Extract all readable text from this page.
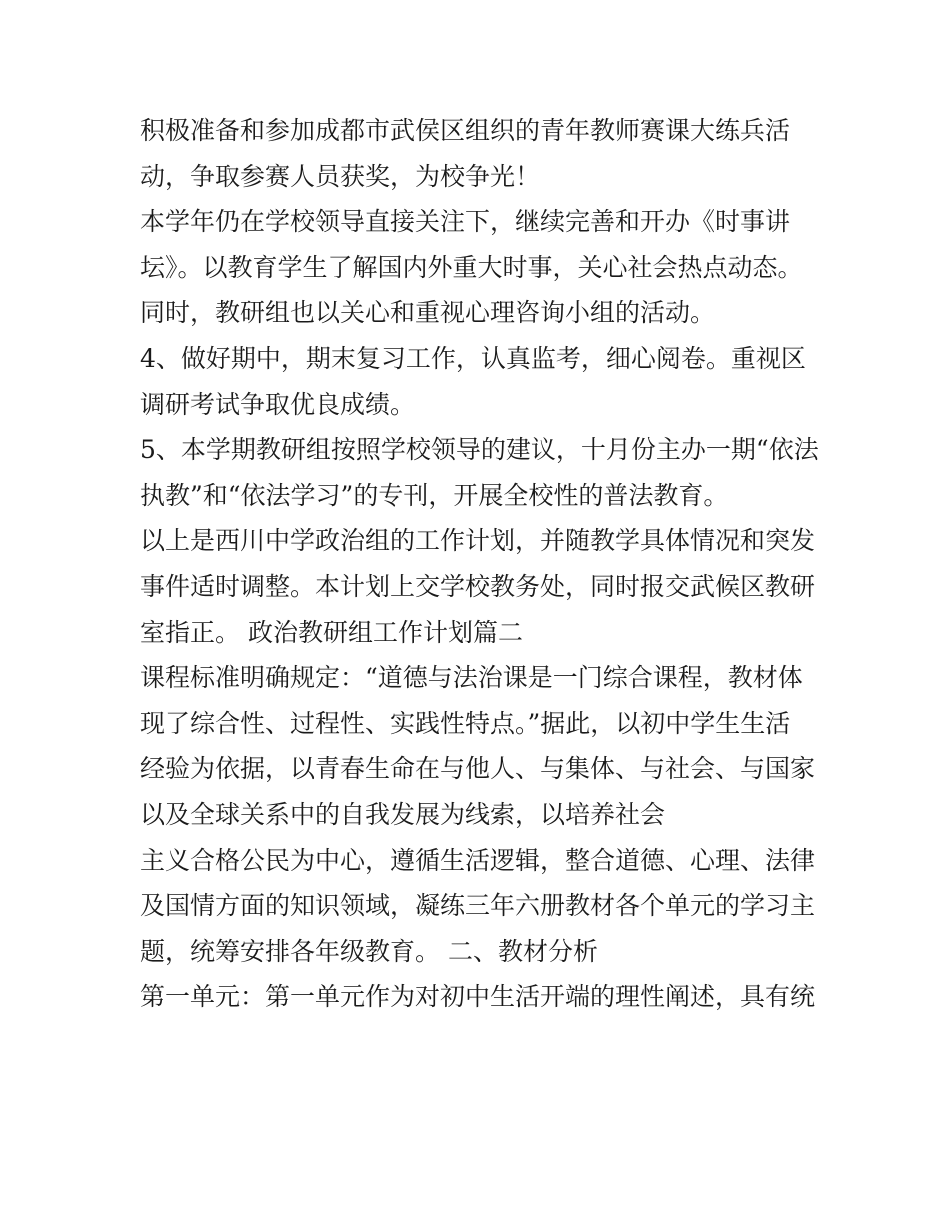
积极准备和参加成都市武侯区组织的青年教师赛课大练兵活
动，争取参赛人员获奖，为校争光！
本学年仍在学校领导直接关注下，继续完善和开办《时事讲
坛》。以教育学生了解国内外重大时事，关心社会热点动态。
同时，教研组也以关心和重视心理咨询小组的活动。
4、做好期中，期末复习工作，认真监考，细心阅卷。重视区
调研考试争取优良成绩。
5、本学期教研组按照学校领导的建议，十月份主办一期“依法
执教”和“依法学习”的专刊，开展全校性的普法教育。
以上是西川中学政治组的工作计划，并随教学具体情况和突发
事件适时调整。本计划上交学校教务处，同时报交武候区教研
室指正。 政治教研组工作计划篇二
课程标准明确规定：“道德与法治课是一门综合课程，教材体
现了综合性、过程性、实践性特点。”据此，以初中学生生活
经验为依据，以青春生命在与他人、与集体、与社会、与国家
以及全球关系中的自我发展为线索，以培养社会
主义合格公民为中心，遵循生活逻辑，整合道德、心理、法律
及国情方面的知识领域，凝练三年六册教材各个单元的学习主
题，统筹安排各年级教育。 二、教材分析
第一单元：第一单元作为对初中生活开端的理性阐述，具有统
